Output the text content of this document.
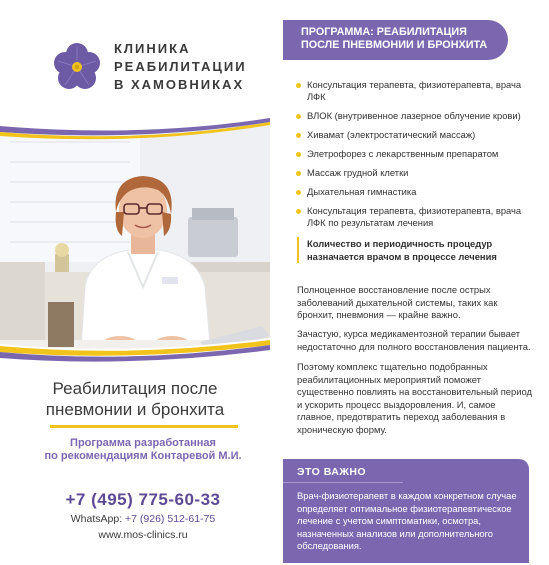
КЛИНИКА
РЕАБИЛИТАЦИИ
В ХАМОВНИКАХ
Реабилитация после
пневмонии и бронхита
Программа разработанная
по рекомендациям Контаревой М.И.
+7 (495) 775-60-33
WhatsApp: +7 (926) 512-61-75
www.mos-clinics.ru
ПРОГРАММА: РЕАБИЛИТАЦИЯ
ПОСЛЕ ПНЕВМОНИИ И БРОНХИТА
Консультация терапевта, физиотерапевта, врача ЛФК
ВЛОК (внутривенное лазерное облучение крови)
Хивамат (электростатический массаж)
Элетрофорез с лекарственным препаратом
Массаж грудной клетки
Дыхательная гимнастика
Консультация терапевта, физиотерапевта, врача ЛФК по результатам лечения
Количество и периодичность процедур
назначается врачом в процессе лечения

Полноценное восстановление после острых заболеваний дыхательной системы, таких как бронхит, пневмония — крайне важно.

Зачастую, курса медикаментозной терапии бывает недостаточно для полного восстановления пациента.

Поэтому комплекс тщательно подобранных реабилитационных мероприятий поможет существенно повлиять на восстановительный период и ускорить процесс выздоровления. И, самое главное, предотвратить переход заболевания в хроническую форму.

ЭТО ВАЖНО
Врач-физиотерапевт в каждом конкретном случае определяет оптимальное физиотерапевтическое лечение с учетом симптоматики, осмотра, назначенных анализов или дополнительного обследования.
